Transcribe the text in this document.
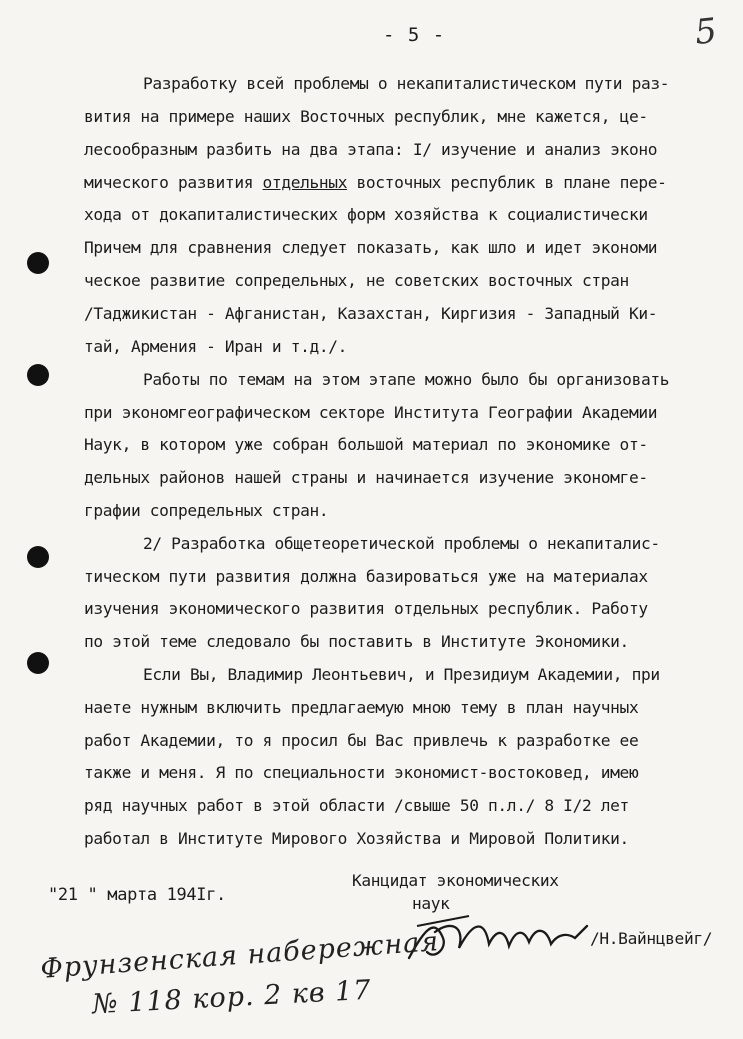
- 5 -	5
Разработку всей проблемы о некапиталистическом пути раз-
вития на примере наших Восточных республик, мне кажется, це-
лесообразным разбить на два этапа: I/ изучение и анализ эконо
мического развития отдельных восточных республик в плане пере-
хода от докапиталистических форм хозяйства к социалистически
Причем для сравнения следует показать, как шло и идет экономи
ческое развитие сопредельных, не советских восточных стран
/Таджикистан - Афганистан, Казахстан, Киргизия - Западный Ки-
тай, Армения - Иран и т.д./.
Работы по темам на этом этапе можно было бы организовать
при экономгеографическом секторе Института Географии Академии
Наук, в котором уже собран большой материал по экономике от-
дельных районов нашей страны и начинается изучение экономге-
графии сопредельных стран.
2/ Разработка общетеоретической проблемы о некапиталис-
тическом пути развития должна базироваться уже на материалах
изучения экономического развития отдельных республик. Работу
по этой теме следовало бы поставить в Институте Экономики.
Если Вы, Владимир Леонтьевич, и Президиум Академии, при
наете нужным включить предлагаемую мною тему в план научных
работ Академии, то я просил бы Вас привлечь к разработке ее
также и меня. Я по специальности экономист-востоковед, имею
ряд научных работ в этой области /свыше 50 п.л./ 8 I/2 лет
работал в Институте Мирового Хозяйства и Мировой Политики.
"21 " марта 194Iг.
Канцидат экономических
наук
/Н.Вайнцвейг/
Фрунзенская набережная
№ 118 кор. 2 кв 17
